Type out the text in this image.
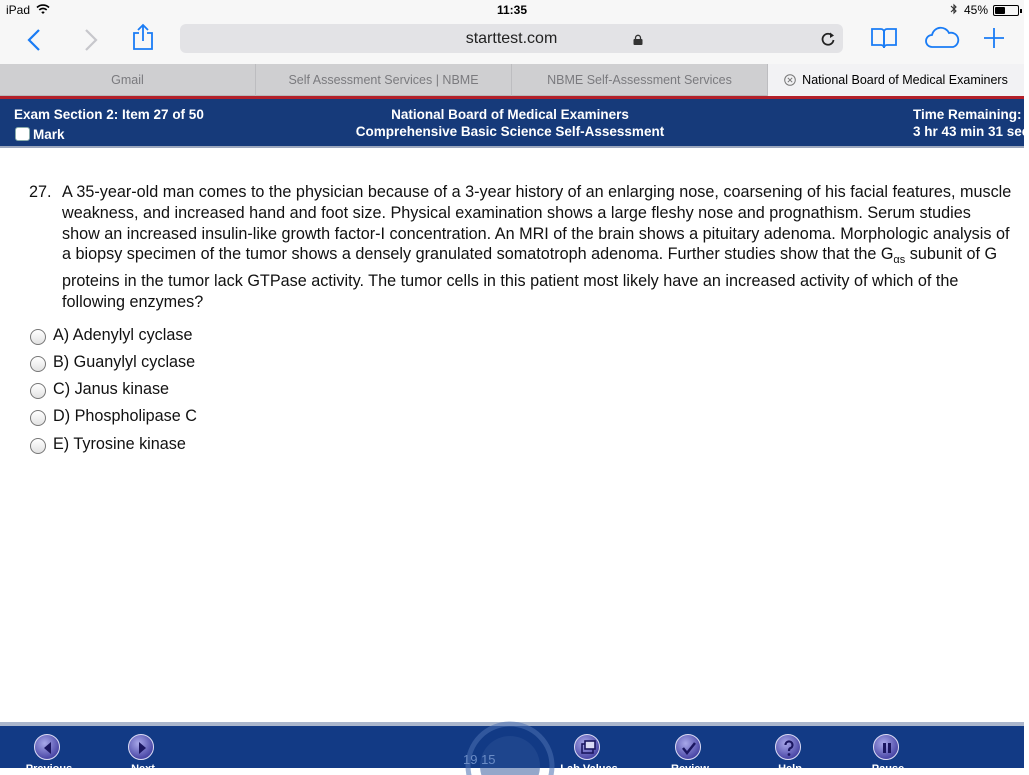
iPad	11:35	45%
starttest.com
Gmail	Self Assessment Services | NBME	NBME Self-Assessment Services	National Board of Medical Examiners
Exam Section 2: Item 27 of 50
Mark
National Board of Medical Examiners
Comprehensive Basic Science Self-Assessment
Time Remaining:
3 hr 43 min 31 sec
27. A 35-year-old man comes to the physician because of a 3-year history of an enlarging nose, coarsening of his facial features, muscle weakness, and increased hand and foot size. Physical examination shows a large fleshy nose and prognathism. Serum studies show an increased insulin-like growth factor-I concentration. An MRI of the brain shows a pituitary adenoma. Morphologic analysis of a biopsy specimen of the tumor shows a densely granulated somatotroph adenoma. Further studies show that the $G_{\alpha s}$ subunit of G proteins in the tumor lack GTPase activity. The tumor cells in this patient most likely have an increased activity of which of the following enzymes?
A) Adenylyl cyclase
B) Guanylyl cyclase
C) Janus kinase
D) Phospholipase C
E) Tyrosine kinase
19 15
Previous	Next	Lab Values	Review	Help	Pause
